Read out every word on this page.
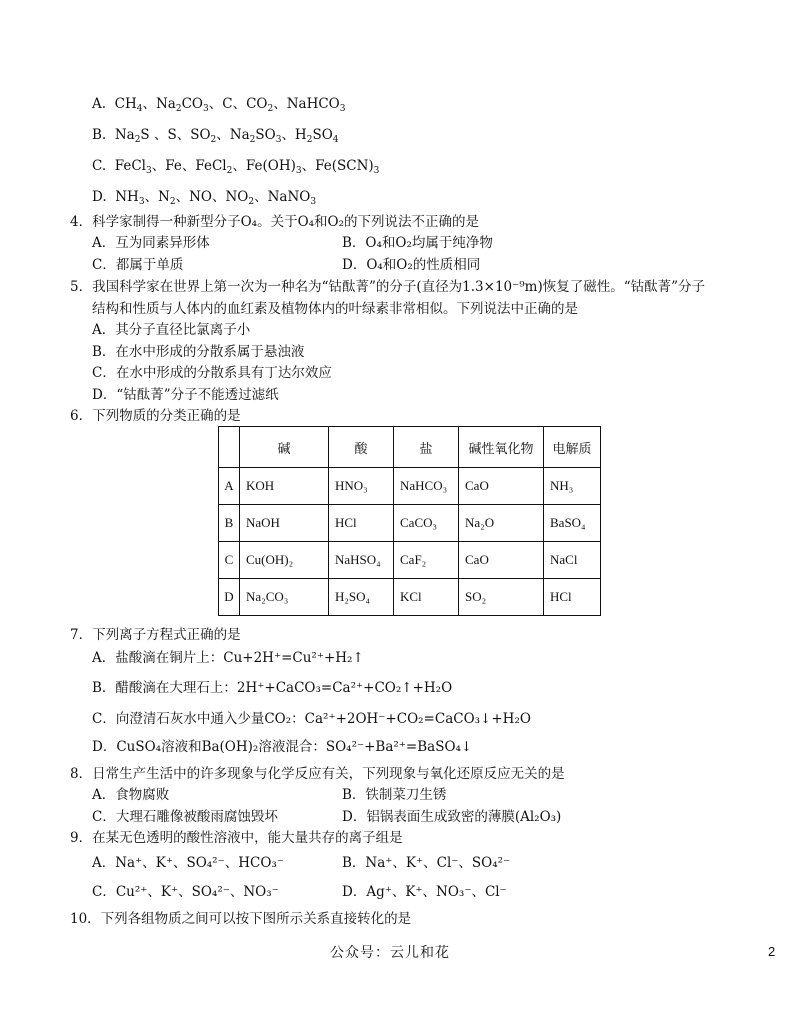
A. $CH_4$、$Na_2CO_3$、C、$CO_2$、NaHCO$_3$
B. $Na_2S$ 、S、$SO_2$、$Na_2SO_3$、$H_2SO_4$
C. FeCl$_3$、Fe、FeCl$_2$、$Fe(OH)_3$、$Fe(SCN)_3$
D. $NH_3$、$N_2$、NO、$NO_2$、NaNO$_3$
4．科学家制得一种新型分子O₄。关于O₄和O₂的下列说法不正确的是
A．互为同素异形体	B．O₄和O₂均属于纯净物
C．都属于单质	D．O₄和O₂的性质相同
5．我国科学家在世界上第一次为一种名为“钴酞菁”的分子(直径为1.3×10⁻⁹m)恢复了磁性。“钴酞菁”分子
结构和性质与人体内的血红素及植物体内的叶绿素非常相似。下列说法中正确的是
A．其分子直径比氯离子小
B．在水中形成的分散系属于悬浊液
C．在水中形成的分散系具有丁达尔效应
D．“钴酞菁”分子不能透过滤纸
6．下列物质的分类正确的是
	碱	酸	盐	碱性氧化物	电解质
A	KOH	HNO₃	NaHCO₃	CaO	NH₃
B	NaOH	HCl	CaCO₃	Na₂O	BaSO₄
C	Cu(OH)₂	NaHSO₄	CaF₂	CaO	NaCl
D	Na₂CO₃	H₂SO₄	KCl	SO₂	HCl
7．下列离子方程式正确的是
A．盐酸滴在铜片上：Cu+2H⁺=Cu²⁺+H₂↑
B．醋酸滴在大理石上：2H⁺+CaCO₃=Ca²⁺+CO₂↑+H₂O
C．向澄清石灰水中通入少量CO₂：Ca²⁺+2OH⁻+CO₂=CaCO₃↓+H₂O
D．CuSO₄溶液和Ba(OH)₂溶液混合：SO₄²⁻+Ba²⁺=BaSO₄↓
8．日常生产生活中的许多现象与化学反应有关，下列现象与氧化还原反应无关的是
A．食物腐败	B．铁制菜刀生锈
C．大理石雕像被酸雨腐蚀毁坏	D．铝锅表面生成致密的薄膜(Al₂O₃)
9．在某无色透明的酸性溶液中，能大量共存的离子组是
A．Na⁺、K⁺、SO₄²⁻、HCO₃⁻	B．Na⁺、K⁺、Cl⁻、SO₄²⁻
C．Cu²⁺、K⁺、SO₄²⁻、NO₃⁻	D．Ag⁺、K⁺、NO₃⁻、Cl⁻
10．下列各组物质之间可以按下图所示关系直接转化的是
公众号：云儿和花	2
